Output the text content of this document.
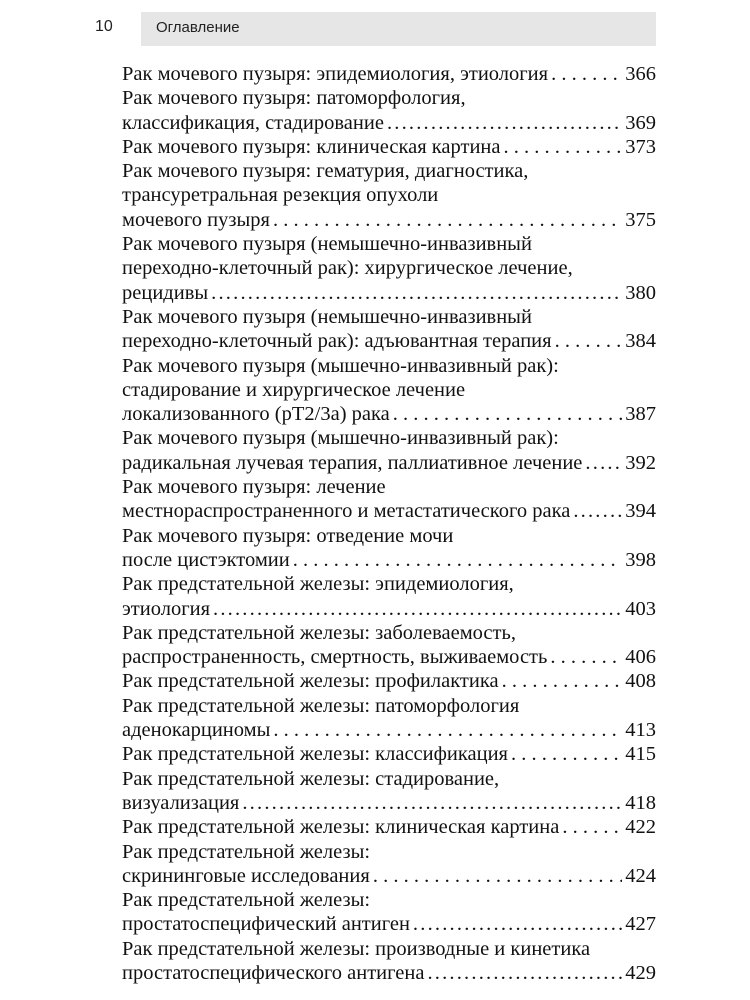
10	Оглавление
Рак мочевого пузыря: эпидемиология, этиология . . .	366
Рак мочевого пузыря: патоморфология,
классификация, стадирование .....	369
Рак мочевого пузыря: клиническая картина . . .	373
Рак мочевого пузыря: гематурия, диагностика,
трансуретральная резекция опухоли
мочевого пузыря . . .	375
Рак мочевого пузыря (немышечно-инвазивный
переходно-клеточный рак): хирургическое лечение,
рецидивы .....	380
Рак мочевого пузыря (немышечно-инвазивный
переходно-клеточный рак): адъювантная терапия . . .	384
Рак мочевого пузыря (мышечно-инвазивный рак):
стадирование и хирургическое лечение
локализованного (рТ2/3а) рака . . .	387
Рак мочевого пузыря (мышечно-инвазивный рак):
радикальная лучевая терапия, паллиативное лечение ..... 392
Рак мочевого пузыря: лечение
местнораспространенного и метастатического рака .....	394
Рак мочевого пузыря: отведение мочи
после цистэктомии . . .	398
Рак предстательной железы: эпидемиология,
этиология .....	403
Рак предстательной железы: заболеваемость,
распространенность, смертность, выживаемость . . .	406
Рак предстательной железы: профилактика . . .	408
Рак предстательной железы: патоморфология
аденокарциномы . . .	413
Рак предстательной железы: классификация . . .	415
Рак предстательной железы: стадирование,
визуализация .....	418
Рак предстательной железы: клиническая картина . . .	422
Рак предстательной железы:
скрининговые исследования . . .	424
Рак предстательной железы:
простатоспецифический антиген .....	427
Рак предстательной железы: производные и кинетика
простатоспецифического антигена .....	429
